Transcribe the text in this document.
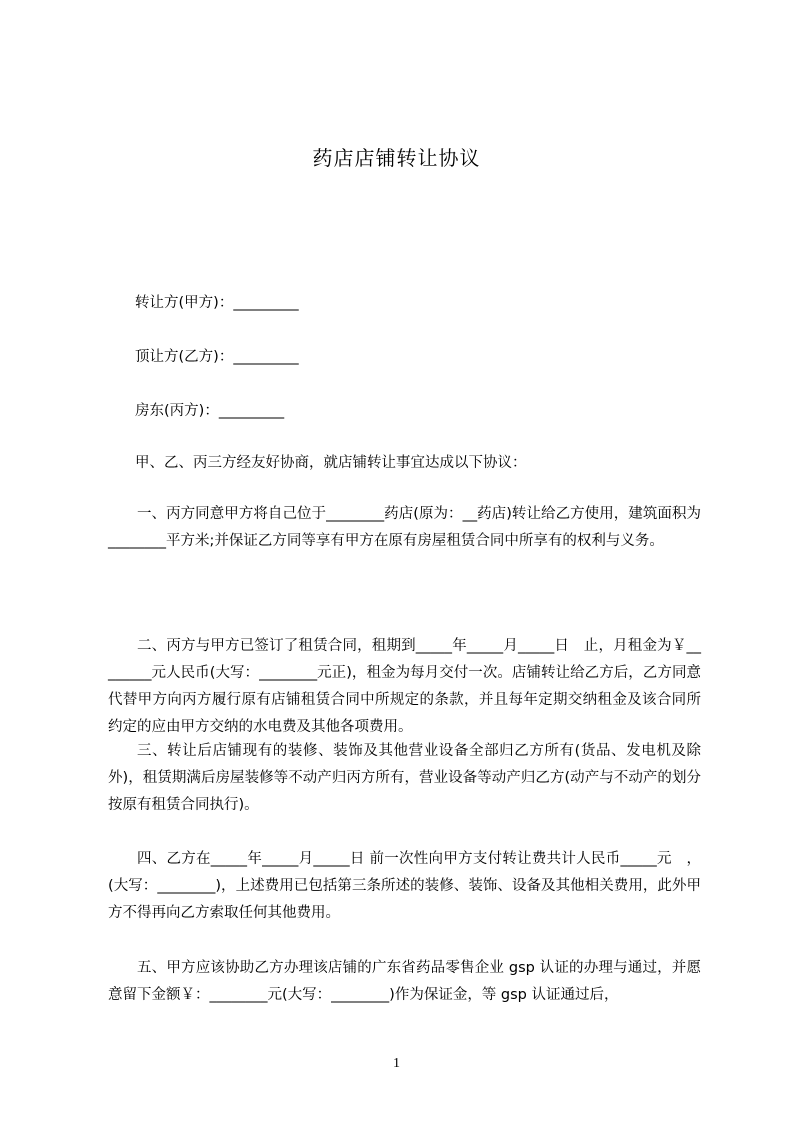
药店店铺转让协议

转让方(甲方)：_________

顶让方(乙方)：_________

房东(丙方)：_________

甲、乙、丙三方经友好协商，就店铺转让事宜达成以下协议：

一、丙方同意甲方将自己位于________药店(原为：__药店)转让给乙方使用，建筑面积为________平方米;并保证乙方同等享有甲方在原有房屋租赁合同中所享有的权利与义务。

二、丙方与甲方已签订了租赁合同，租期到_____年_____月_____日　止，月租金为￥________元人民币(大写：________元正)，租金为每月交付一次。店铺转让给乙方后，乙方同意代替甲方向丙方履行原有店铺租赁合同中所规定的条款，并且每年定期交纳租金及该合同所约定的应由甲方交纳的水电费及其他各项费用。

三、转让后店铺现有的装修、装饰及其他营业设备全部归乙方所有(货品、发电机及除外)，租赁期满后房屋装修等不动产归丙方所有，营业设备等动产归乙方(动产与不动产的划分按原有租赁合同执行)。

四、乙方在_____年_____月_____日 前一次性向甲方支付转让费共计人民币_____元　，(大写：________)，上述费用已包括第三条所述的装修、装饰、设备及其他相关费用，此外甲方不得再向乙方索取任何其他费用。

五、甲方应该协助乙方办理该店铺的广东省药品零售企业 gsp 认证的办理与通过，并愿意留下金额￥：________元(大写：________)作为保证金，等 gsp 认证通过后，

1
